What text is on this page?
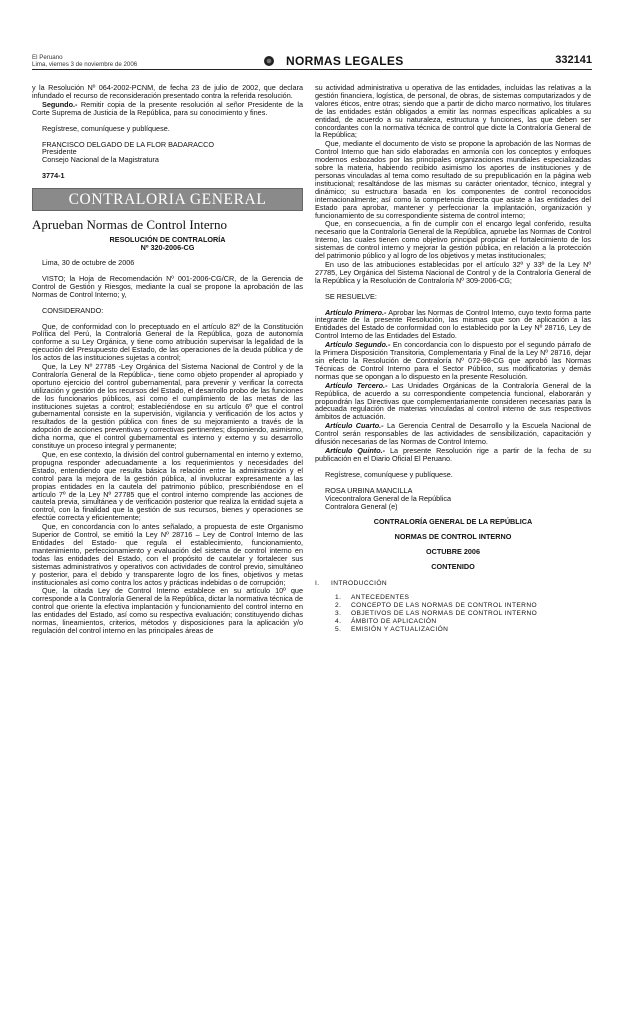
El Peruano
Lima, viernes 3 de noviembre de 2006	NORMAS LEGALES	332141

y la Resolución Nº 064-2002-PCNM, de fecha 23 de julio de 2002, que declara infundado el recurso de reconsideración presentado contra la referida resolución.

Segundo.- Remitir copia de la presente resolución al señor Presidente de la Corte Suprema de Justicia de la República, para su conocimiento y fines.

Regístrese, comuníquese y publíquese.

FRANCISCO DELGADO DE LA FLOR BADARACCO
Presidente
Consejo Nacional de la Magistratura

3774-1

CONTRALORIA GENERAL
Aprueban Normas de Control Interno
RESOLUCIÓN DE CONTRALORÍA
Nº 320-2006-CG

Lima, 30 de octubre de 2006

VISTO; la Hoja de Recomendación Nº 001-2006-CG/CR, de la Gerencia de Control de Gestión y Riesgos, mediante la cual se propone la aprobación de las Normas de Control Interno; y,

CONSIDERANDO:

Que, de conformidad con lo preceptuado en el artículo 82º de la Constitución Política del Perú, la Contraloría General de la República, goza de autonomía conforme a su Ley Orgánica, y tiene como atribución supervisar la legalidad de la ejecución del Presupuesto del Estado, de las operaciones de la deuda pública y de los actos de las instituciones sujetas a control;

Que, la Ley Nº 27785 -Ley Orgánica del Sistema Nacional de Control y de la Contraloría General de la República-, tiene como objeto propender al apropiado y oportuno ejercicio del control gubernamental, para prevenir y verificar la correcta utilización y gestión de los recursos del Estado, el desarrollo probo de las funciones de los funcionarios públicos, así como el cumplimiento de las metas de las instituciones sujetas a control; estableciéndose en su artículo 6º que el control gubernamental consiste en la supervisión, vigilancia y verificación de los actos y resultados de la gestión pública con fines de su mejoramiento a través de la adopción de acciones preventivas y correctivas pertinentes; disponiendo, asimismo, dicha norma, que el control gubernamental es interno y externo y su desarrollo constituye un proceso integral y permanente;

Que, en ese contexto, la división del control gubernamental en interno y externo, propugna responder adecuadamente a los requerimientos y necesidades del Estado, entendiendo que resulta básica la relación entre la administración y el control para la mejora de la gestión pública, al involucrar expresamente a las propias entidades en la cautela del patrimonio público, prescribiéndose en el artículo 7º de la Ley Nº 27785 que el control interno comprende las acciones de cautela previa, simultánea y de verificación posterior que realiza la entidad sujeta a control, con la finalidad que la gestión de sus recursos, bienes y operaciones se efectúe correcta y eficientemente;

Que, en concordancia con lo antes señalado, a propuesta de este Organismo Superior de Control, se emitió la Ley Nº 28716 – Ley de Control Interno de las Entidades del Estado- que regula el establecimiento, funcionamiento, mantenimiento, perfeccionamiento y evaluación del sistema de control interno en todas las entidades del Estado, con el propósito de cautelar y fortalecer sus sistemas administrativos y operativos con actividades de control previo, simultáneo y posterior, para el debido y transparente logro de los fines, objetivos y metas institucionales así como contra los actos y prácticas indebidas o de corrupción;

Que, la citada Ley de Control Interno establece en su artículo 10º que corresponde a la Contraloría General de la República, dictar la normativa técnica de control que oriente la efectiva implantación y funcionamiento del control interno en las entidades del Estado, así como su respectiva evaluación; constituyendo dichas normas, lineamientos, criterios, métodos y disposiciones para la aplicación y/o regulación del control interno en las principales áreas de

su actividad administrativa u operativa de las entidades, incluidas las relativas a la gestión financiera, logística, de personal, de obras, de sistemas computarizados y de valores éticos, entre otras; siendo que a partir de dicho marco normativo, los titulares de las entidades están obligados a emitir las normas específicas aplicables a su entidad, de acuerdo a su naturaleza, estructura y funciones, las que deben ser concordantes con la normativa técnica de control que dicte la Contraloría General de la República;

Que, mediante el documento de visto se propone la aprobación de las Normas de Control Interno que han sido elaboradas en armonía con los conceptos y enfoques modernos esbozados por las principales organizaciones mundiales especializadas sobre la materia, habiendo recibido asimismo los aportes de instituciones y de personas vinculadas al tema como resultado de su prepublicación en la página web institucional; resaltándose de las mismas su carácter orientador, técnico, integral y dinámico; su estructura basada en los componentes de control reconocidos internacionalmente; así como la competencia directa que asiste a las entidades del Estado para aprobar, mantener y perfeccionar la implantación, organización y funcionamiento de su correspondiente sistema de control interno;

Que, en consecuencia, a fin de cumplir con el encargo legal conferido, resulta necesario que la Contraloría General de la República, apruebe las Normas de Control Interno, las cuales tienen como objetivo principal propiciar el fortalecimiento de los sistemas de control interno y mejorar la gestión pública, en relación a la protección del patrimonio público y al logro de los objetivos y metas institucionales;

En uso de las atribuciones establecidas por el artículo 32º y 33º de la Ley Nº 27785, Ley Orgánica del Sistema Nacional de Control y de la Contraloría General de la República y la Resolución de Contraloría Nº 309-2006-CG;

SE RESUELVE:

Artículo Primero.- Aprobar las Normas de Control Interno, cuyo texto forma parte integrante de la presente Resolución, las mismas que son de aplicación a las Entidades del Estado de conformidad con lo establecido por la Ley Nº 28716, Ley de Control Interno de las Entidades del Estado.

Artículo Segundo.- En concordancia con lo dispuesto por el segundo párrafo de la Primera Disposición Transitoria, Complementaria y Final de la Ley Nº 28716, dejar sin efecto la Resolución de Contraloría Nº 072-98-CG que aprobó las Normas Técnicas de Control Interno para el Sector Público, sus modificatorias y demás normas que se opongan a lo dispuesto en la presente Resolución.

Artículo Tercero.- Las Unidades Orgánicas de la Contraloría General de la República, de acuerdo a su correspondiente competencia funcional, elaborarán y propondrán las Directivas que complementariamente consideren necesarias para la adecuada regulación de materias vinculadas al control interno de sus respectivos ámbitos de actuación.

Artículo Cuarto.- La Gerencia Central de Desarrollo y la Escuela Nacional de Control serán responsables de las actividades de sensibilización, capacitación y difusión necesarias de las Normas de Control Interno.

Artículo Quinto.- La presente Resolución rige a partir de la fecha de su publicación en el Diario Oficial El Peruano.

Regístrese, comuníquese y publíquese.

ROSA URBINA MANCILLA
Vicecontralora General de la República
Contralora General (e)

CONTRALORÍA GENERAL DE LA REPÚBLICA
NORMAS DE CONTROL INTERNO
OCTUBRE 2006
CONTENIDO
I.	INTRODUCCIÓN
1.	ANTECEDENTES
2.	CONCEPTO DE LAS NORMAS DE CONTROL INTERNO
3.	OBJETIVOS DE LAS NORMAS DE CONTROL INTERNO
4.	ÁMBITO DE APLICACIÓN
5.	EMISIÓN Y ACTUALIZACIÓN
